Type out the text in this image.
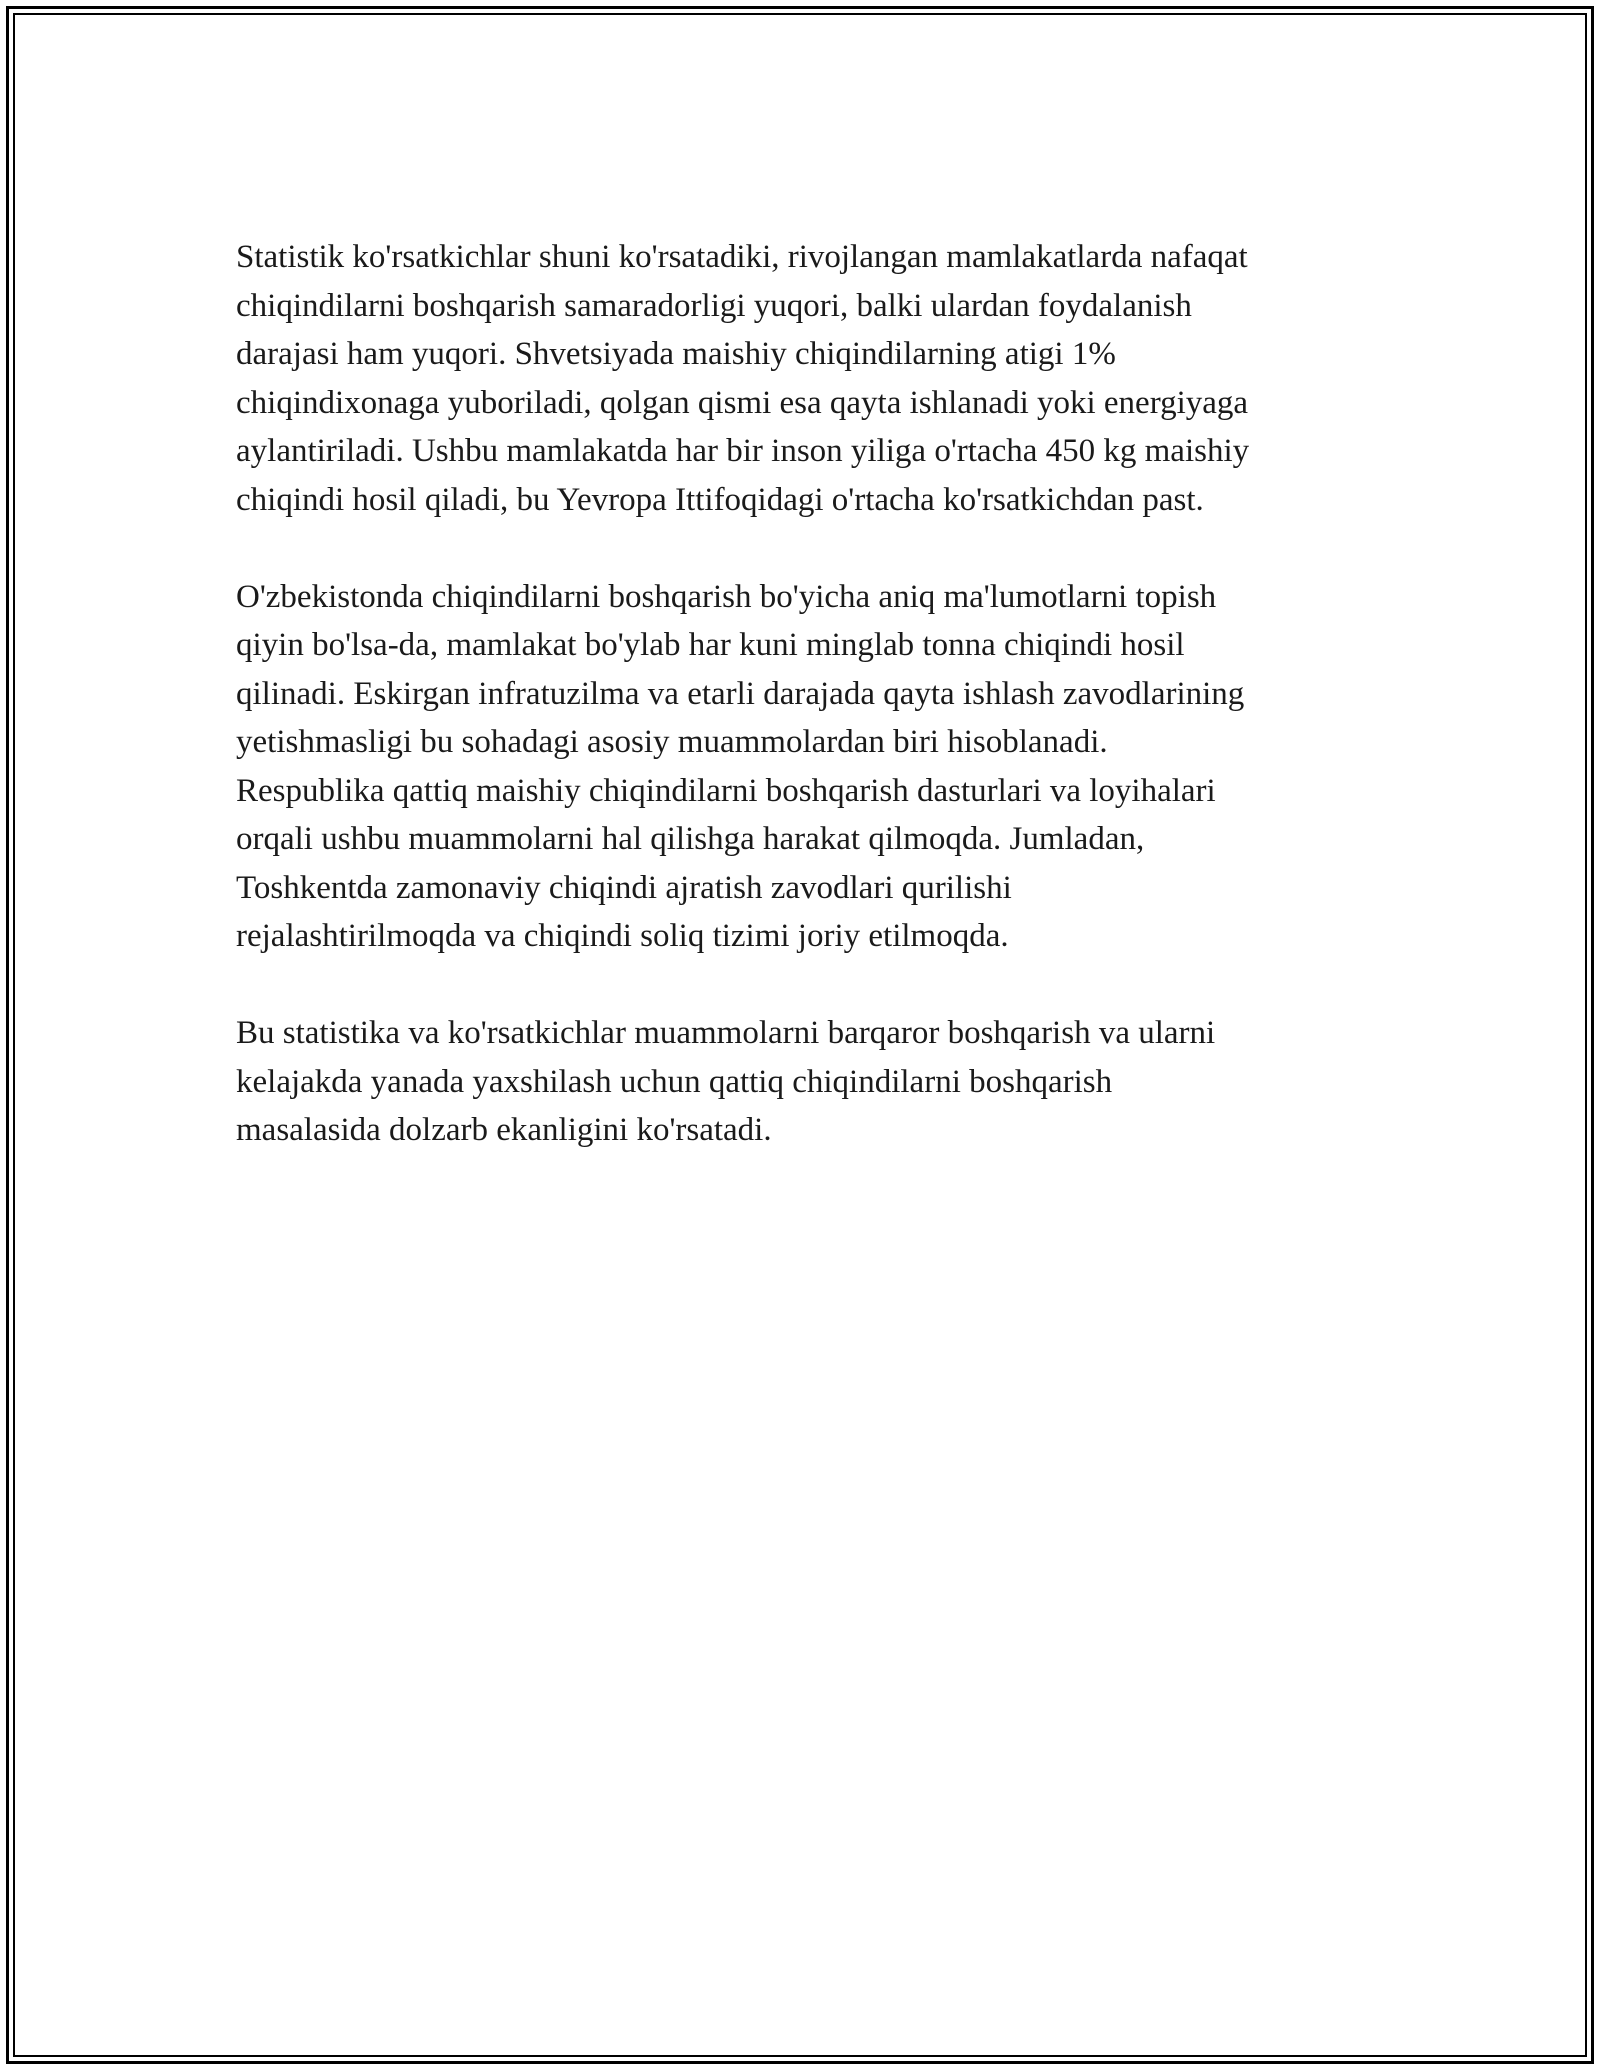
Statistik ko'rsatkichlar shuni ko'rsatadiki, rivojlangan mamlakatlarda nafaqat
chiqindilarni boshqarish samaradorligi yuqori, balki ulardan foydalanish
darajasi ham yuqori. Shvetsiyada maishiy chiqindilarning atigi 1%
chiqindixonaga yuboriladi, qolgan qismi esa qayta ishlanadi yoki energiyaga
aylantiriladi. Ushbu mamlakatda har bir inson yiliga o'rtacha 450 kg maishiy
chiqindi hosil qiladi, bu Yevropa Ittifoqidagi o'rtacha ko'rsatkichdan past.

O'zbekistonda chiqindilarni boshqarish bo'yicha aniq ma'lumotlarni topish
qiyin bo'lsa-da, mamlakat bo'ylab har kuni minglab tonna chiqindi hosil
qilinadi. Eskirgan infratuzilma va etarli darajada qayta ishlash zavodlarining
yetishmasligi bu sohadagi asosiy muammolardan biri hisoblanadi.
Respublika qattiq maishiy chiqindilarni boshqarish dasturlari va loyihalari
orqali ushbu muammolarni hal qilishga harakat qilmoqda. Jumladan,
Toshkentda zamonaviy chiqindi ajratish zavodlari qurilishi
rejalashtirilmoqda va chiqindi soliq tizimi joriy etilmoqda.

Bu statistika va ko'rsatkichlar muammolarni barqaror boshqarish va ularni
kelajakda yanada yaxshilash uchun qattiq chiqindilarni boshqarish
masalasida dolzarb ekanligini ko'rsatadi.
